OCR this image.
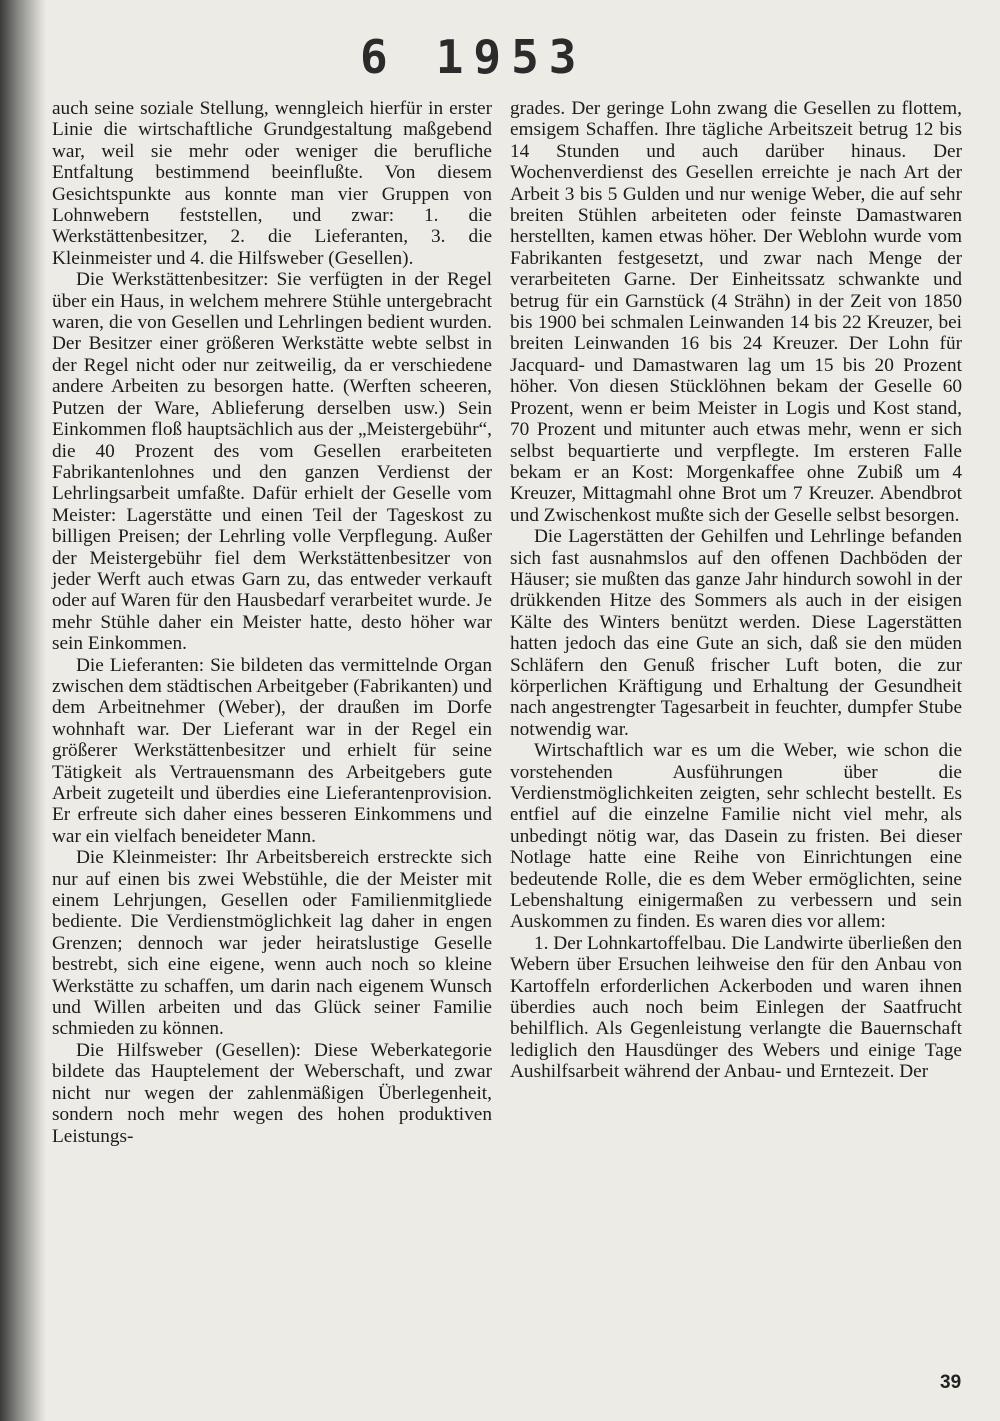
6 1953

auch seine soziale Stellung, wenngleich hierfür in erster Linie die wirtschaftliche Grundgestaltung maßgebend war, weil sie mehr oder weniger die berufliche Entfaltung bestimmend beeinflußte. Von diesem Gesichtspunkte aus konnte man vier Gruppen von Lohnwebern feststellen, und zwar: 1. die Werkstättenbesitzer, 2. die Lieferanten, 3. die Kleinmeister und 4. die Hilfsweber (Gesellen).

Die Werkstättenbesitzer: Sie verfügten in der Regel über ein Haus, in welchem mehrere Stühle untergebracht waren, die von Gesellen und Lehrlingen bedient wurden. Der Besitzer einer größeren Werkstätte webte selbst in der Regel nicht oder nur zeitweilig, da er verschiedene andere Arbeiten zu besorgen hatte. (Werften scheeren, Putzen der Ware, Ablieferung derselben usw.) Sein Einkommen floß hauptsächlich aus der „Meistergebühr“, die 40 Prozent des vom Gesellen erarbeiteten Fabrikantenlohnes und den ganzen Verdienst der Lehrlingsarbeit umfaßte. Dafür erhielt der Geselle vom Meister: Lagerstätte und einen Teil der Tageskost zu billigen Preisen; der Lehrling volle Verpflegung. Außer der Meistergebühr fiel dem Werkstättenbesitzer von jeder Werft auch etwas Garn zu, das entweder verkauft oder auf Waren für den Hausbedarf verarbeitet wurde. Je mehr Stühle daher ein Meister hatte, desto höher war sein Einkommen.

Die Lieferanten: Sie bildeten das vermittelnde Organ zwischen dem städtischen Arbeitgeber (Fabrikanten) und dem Arbeitnehmer (Weber), der draußen im Dorfe wohnhaft war. Der Lieferant war in der Regel ein größerer Werkstättenbesitzer und erhielt für seine Tätigkeit als Vertrauensmann des Arbeitgebers gute Arbeit zugeteilt und überdies eine Lieferantenprovision. Er erfreute sich daher eines besseren Einkommens und war ein vielfach beneideter Mann.

Die Kleinmeister: Ihr Arbeitsbereich erstreckte sich nur auf einen bis zwei Webstühle, die der Meister mit einem Lehrjungen, Gesellen oder Familienmitgliede bediente. Die Verdienstmöglichkeit lag daher in engen Grenzen; dennoch war jeder heiratslustige Geselle bestrebt, sich eine eigene, wenn auch noch so kleine Werkstätte zu schaffen, um darin nach eigenem Wunsch und Willen arbeiten und das Glück seiner Familie schmieden zu können.

Die Hilfsweber (Gesellen): Diese Weberkategorie bildete das Hauptelement der Weberschaft, und zwar nicht nur wegen der zahlenmäßigen Überlegenheit, sondern noch mehr wegen des hohen produktiven Leistungs-

grades. Der geringe Lohn zwang die Gesellen zu flottem, emsigem Schaffen. Ihre tägliche Arbeitszeit betrug 12 bis 14 Stunden und auch darüber hinaus. Der Wochenverdienst des Gesellen erreichte je nach Art der Arbeit 3 bis 5 Gulden und nur wenige Weber, die auf sehr breiten Stühlen arbeiteten oder feinste Damastwaren herstellten, kamen etwas höher. Der Weblohn wurde vom Fabrikanten festgesetzt, und zwar nach Menge der verarbeiteten Garne. Der Einheitssatz schwankte und betrug für ein Garnstück (4 Strähn) in der Zeit von 1850 bis 1900 bei schmalen Leinwanden 14 bis 22 Kreuzer, bei breiten Leinwanden 16 bis 24 Kreuzer. Der Lohn für Jacquard- und Damastwaren lag um 15 bis 20 Prozent höher. Von diesen Stücklöhnen bekam der Geselle 60 Prozent, wenn er beim Meister in Logis und Kost stand, 70 Prozent und mitunter auch etwas mehr, wenn er sich selbst bequartierte und verpflegte. Im ersteren Falle bekam er an Kost: Morgenkaffee ohne Zubiß um 4 Kreuzer, Mittagmahl ohne Brot um 7 Kreuzer. Abendbrot und Zwischenkost mußte sich der Geselle selbst besorgen.

Die Lagerstätten der Gehilfen und Lehrlinge befanden sich fast ausnahmslos auf den offenen Dachböden der Häuser; sie mußten das ganze Jahr hindurch sowohl in der drükkenden Hitze des Sommers als auch in der eisigen Kälte des Winters benützt werden. Diese Lagerstätten hatten jedoch das eine Gute an sich, daß sie den müden Schläfern den Genuß frischer Luft boten, die zur körperlichen Kräftigung und Erhaltung der Gesundheit nach angestrengter Tagesarbeit in feuchter, dumpfer Stube notwendig war.

Wirtschaftlich war es um die Weber, wie schon die vorstehenden Ausführungen über die Verdienstmöglichkeiten zeigten, sehr schlecht bestellt. Es entfiel auf die einzelne Familie nicht viel mehr, als unbedingt nötig war, das Dasein zu fristen. Bei dieser Notlage hatte eine Reihe von Einrichtungen eine bedeutende Rolle, die es dem Weber ermöglichten, seine Lebenshaltung einigermaßen zu verbessern und sein Auskommen zu finden. Es waren dies vor allem:

1. Der Lohnkartoffelbau. Die Landwirte überließen den Webern über Ersuchen leihweise den für den Anbau von Kartoffeln erforderlichen Ackerboden und waren ihnen überdies auch noch beim Einlegen der Saatfrucht behilflich. Als Gegenleistung verlangte die Bauernschaft lediglich den Hausdünger des Webers und einige Tage Aushilfsarbeit während der Anbau- und Erntezeit. Der

39
